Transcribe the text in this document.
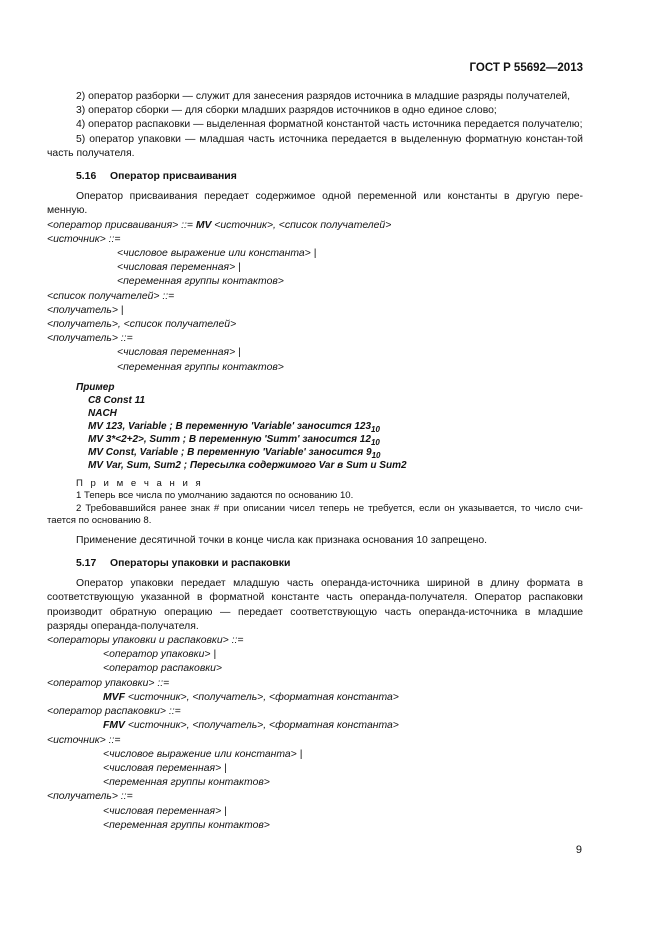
ГОСТ Р 55692—2013
2) оператор разборки — служит для занесения разрядов источника в младшие разряды получателей,
3) оператор сборки — для сборки младших разрядов источников в одно единое слово;
4) оператор распаковки — выделенная форматной константой часть источника передается получателю;
5) оператор упаковки — младшая часть источника передается в выделенную форматную констан-той часть получателя.
5.16 Оператор присваивания
Оператор присваивания передает содержимое одной переменной или константы в другую пере-менную.
<оператор присваивания> ::= MV <источник>, <список получателей>
<источник> ::=
<числовое выражение или константа> |
<числовая переменная> |
<переменная группы контактов>
<список получателей> ::=
<получатель> |
<получатель>, <список получателей>
<получатель> ::=
<числовая переменная> |
<переменная группы контактов>
Пример
C8 Const 11
NACH
MV 123, Variable ; В переменную 'Variable' заносится $123_{10}$
MV 3*<2+2>, Summ ; В переменную 'Summ' заносится $12_{10}$
MV Const, Variable ; В переменную 'Variable' заносится $9_{10}$
MV Var, Sum, Sum2 ; Пересылка содержимого Var в Sum и Sum2
П р и м е ч а н и я
1 Теперь все числа по умолчанию задаются по основанию 10.
2 Требовавшийся ранее знак # при описании чисел теперь не требуется, если он указывается, то число счи-тается по основанию 8.
Применение десятичной точки в конце числа как признака основания 10 запрещено.
5.17 Операторы упаковки и распаковки
Оператор упаковки передает младшую часть операнда-источника шириной в длину формата в соответствующую указанной в форматной константе часть операнда-получателя. Оператор распаковки производит обратную операцию — передает соответствующую часть операнда-источника в младшие разряды операнда-получателя.
<операторы упаковки и распаковки> ::=
<оператор упаковки> |
<оператор распаковки>
<оператор упаковки> ::=
MVF <источник>, <получатель>, <форматная константа>
<оператор распаковки> ::=
FMV <источник>, <получатель>, <форматная константа>
<источник> ::=
<числовое выражение или константа> |
<числовая переменная> |
<переменная группы контактов>
<получатель> ::=
<числовая переменная> |
<переменная группы контактов>
9
